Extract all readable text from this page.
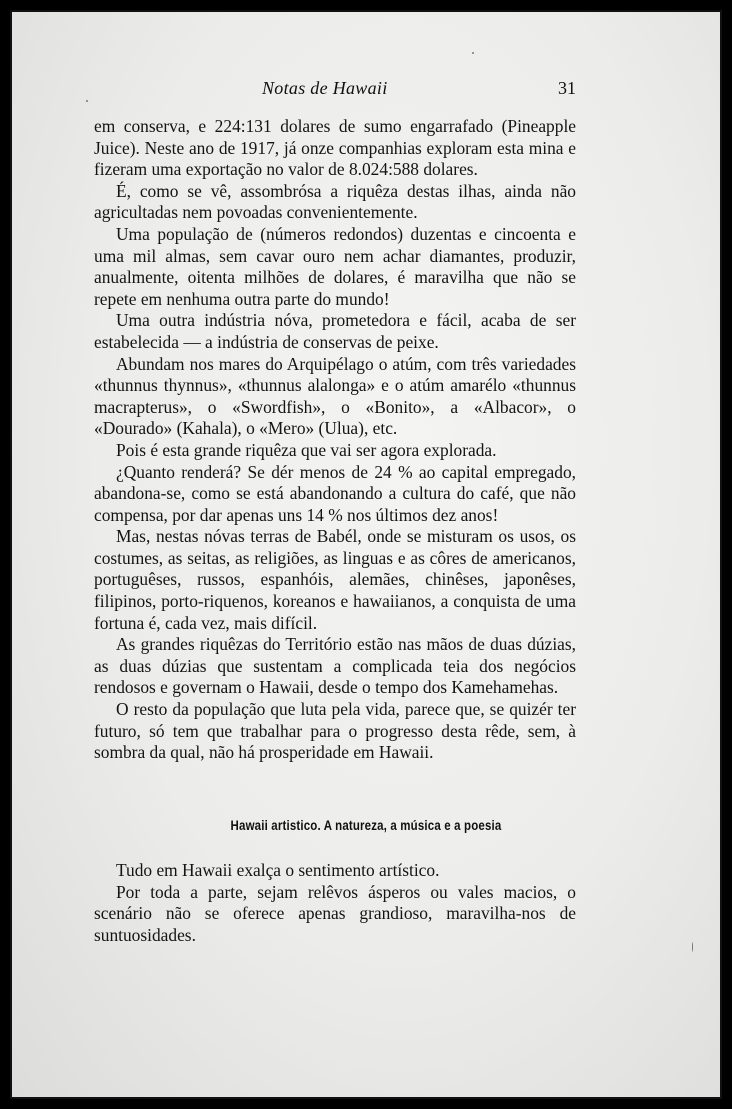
Notas de Hawaii	31

em conserva, e 224:131 dolares de sumo engarrafado (Pineapple Juice). Neste ano de 1917, já onze companhias exploram esta mina e fizeram uma exportação no valor de 8.024:588 dolares.

É, como se vê, assombrósa a riquêza destas ilhas, ainda não agricultadas nem povoadas convenientemente.

Uma população de (números redondos) duzentas e cincoenta e uma mil almas, sem cavar ouro nem achar diamantes, produzir, anualmente, oitenta milhões de dolares, é maravilha que não se repete em nenhuma outra parte do mundo!

Uma outra indústria nóva, prometedora e fácil, acaba de ser estabelecida — a indústria de conservas de peixe.

Abundam nos mares do Arquipélago o atúm, com três variedades «thunnus thynnus», «thunnus alalonga» e o atúm amarélo «thunnus macrapterus», o «Swordfish», o «Bonito», a «Albacor», o «Dourado» (Kahala), o «Mero» (Ulua), etc.

Pois é esta grande riquêza que vai ser agora explorada.

¿Quanto renderá? Se dér menos de 24 % ao capital empregado, abandona-se, como se está abandonando a cultura do café, que não compensa, por dar apenas uns 14 % nos últimos dez anos!

Mas, nestas nóvas terras de Babél, onde se misturam os usos, os costumes, as seitas, as religiões, as linguas e as côres de americanos, portuguêses, russos, espanhóis, alemães, chinêses, japonêses, filipinos, porto-riquenos, koreanos e hawaiianos, a conquista de uma fortuna é, cada vez, mais difícil.

As grandes riquêzas do Território estão nas mãos de duas dúzias, as duas dúzias que sustentam a complicada teia dos negócios rendosos e governam o Hawaii, desde o tempo dos Kamehamehas.

O resto da população que luta pela vida, parece que, se quizér ter futuro, só tem que trabalhar para o progresso desta rêde, sem, à sombra da qual, não há prosperidade em Hawaii.

Hawaii artistico. A natureza, a música e a poesia

Tudo em Hawaii exalça o sentimento artístico.

Por toda a parte, sejam relêvos ásperos ou vales macios, o scenário não se oferece apenas grandioso, maravilha-nos de suntuosidades.
